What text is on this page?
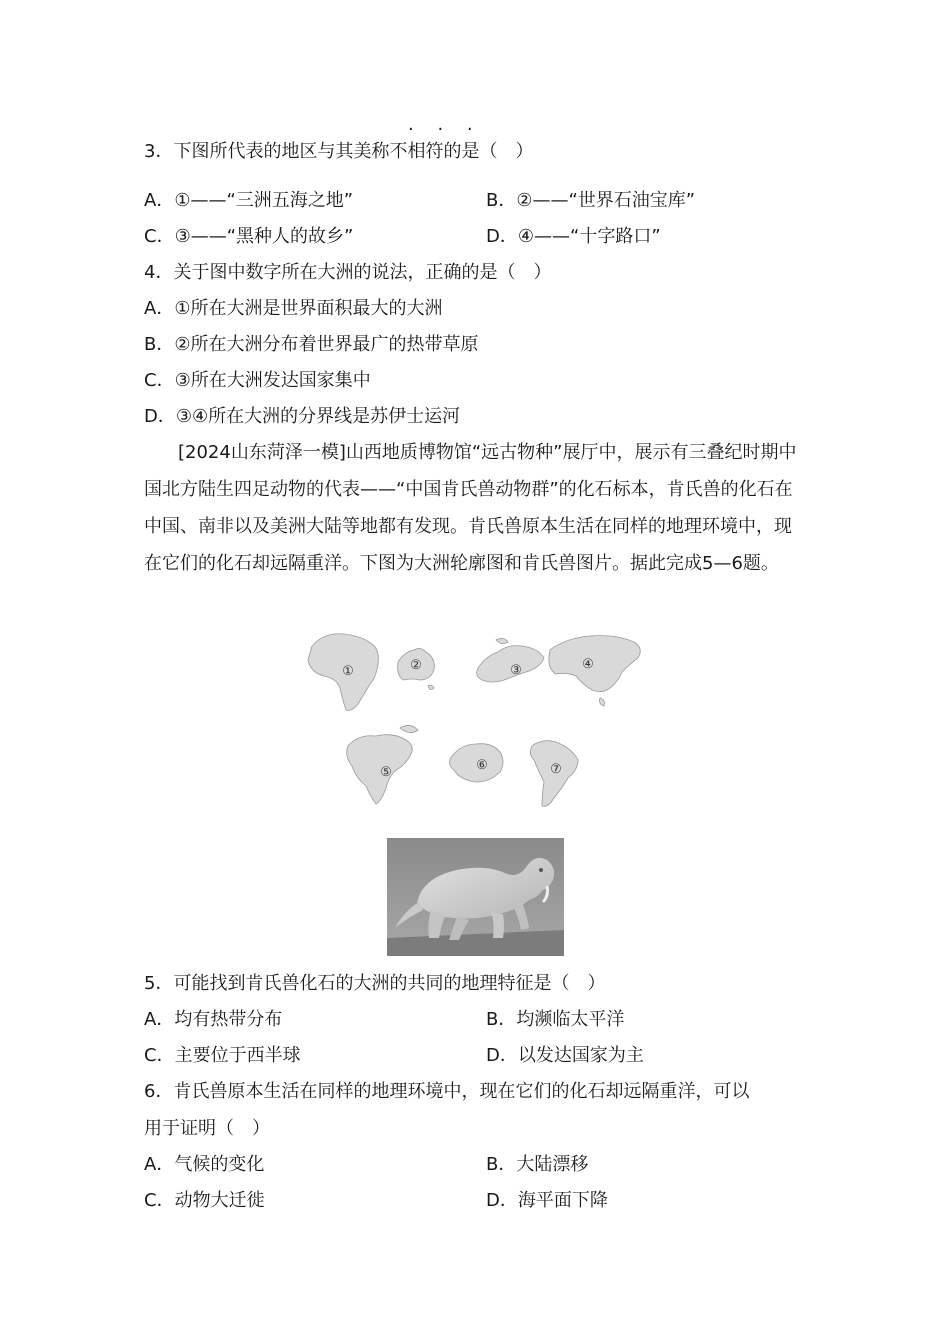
· · ·
3．下图所代表的地区与其美称不相符的是（　）
A．①——“三洲五海之地”	B．②——“世界石油宝库”
C．③——“黑种人的故乡”	D．④——“十字路口”
4．关于图中数字所在大洲的说法，正确的是（　）
A．①所在大洲是世界面积最大的大洲
B．②所在大洲分布着世界最广的热带草原
C．③所在大洲发达国家集中
D．③④所在大洲的分界线是苏伊士运河
[2024山东菏泽一模]山西地质博物馆“远古物种”展厅中，展示有三叠纪时期中国北方陆生四足动物的代表——“中国肯氏兽动物群”的化石标本，肯氏兽的化石在中国、南非以及美洲大陆等地都有发现。肯氏兽原本生活在同样的地理环境中，现在它们的化石却远隔重洋。下图为大洲轮廓图和肯氏兽图片。据此完成5—6题。
①	②	③	④
⑤	⑥	⑦
5．可能找到肯氏兽化石的大洲的共同的地理特征是（　）
A．均有热带分布	B．均濒临太平洋
C．主要位于西半球	D．以发达国家为主
6．肯氏兽原本生活在同样的地理环境中，现在它们的化石却远隔重洋，可以
用于证明（　）
A．气候的变化	B．大陆漂移
C．动物大迁徙	D．海平面下降
